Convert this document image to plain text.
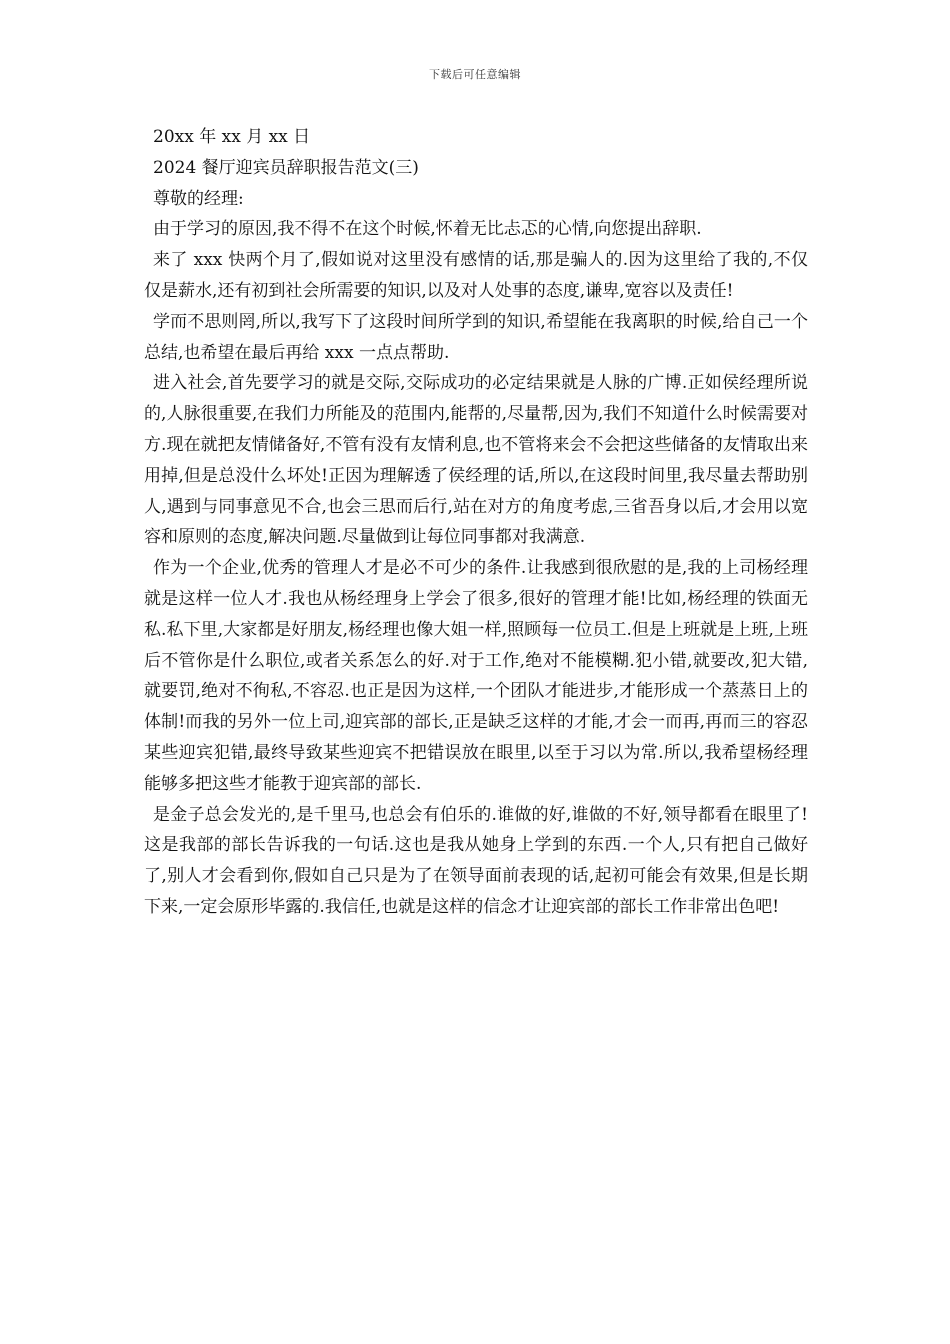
下载后可任意编辑

20xx 年 xx 月 xx 日

2024 餐厅迎宾员辞职报告范文(三)

尊敬的经理:

由于学习的原因,我不得不在这个时候,怀着无比忐忑的心情,向您提出辞职.

来了 xxx 快两个月了,假如说对这里没有感情的话,那是骗人的.因为这里给了我的,不仅仅是薪水,还有初到社会所需要的知识,以及对人处事的态度,谦卑,宽容以及责任!

学而不思则罔,所以,我写下了这段时间所学到的知识,希望能在我离职的时候,给自己一个总结,也希望在最后再给 xxx 一点点帮助.

进入社会,首先要学习的就是交际,交际成功的必定结果就是人脉的广博.正如侯经理所说的,人脉很重要,在我们力所能及的范围内,能帮的,尽量帮,因为,我们不知道什么时候需要对方.现在就把友情储备好,不管有没有友情利息,也不管将来会不会把这些储备的友情取出来用掉,但是总没什么坏处!正因为理解透了侯经理的话,所以,在这段时间里,我尽量去帮助别人,遇到与同事意见不合,也会三思而后行,站在对方的角度考虑,三省吾身以后,才会用以宽容和原则的态度,解决问题.尽量做到让每位同事都对我满意.

作为一个企业,优秀的管理人才是必不可少的条件.让我感到很欣慰的是,我的上司杨经理就是这样一位人才.我也从杨经理身上学会了很多,很好的管理才能!比如,杨经理的铁面无私.私下里,大家都是好朋友,杨经理也像大姐一样,照顾每一位员工.但是上班就是上班,上班后不管你是什么职位,或者关系怎么的好.对于工作,绝对不能模糊.犯小错,就要改,犯大错,就要罚,绝对不徇私,不容忍.也正是因为这样,一个团队才能进步,才能形成一个蒸蒸日上的体制!而我的另外一位上司,迎宾部的部长,正是缺乏这样的才能,才会一而再,再而三的容忍某些迎宾犯错,最终导致某些迎宾不把错误放在眼里,以至于习以为常.所以,我希望杨经理能够多把这些才能教于迎宾部的部长.

是金子总会发光的,是千里马,也总会有伯乐的.谁做的好,谁做的不好,领导都看在眼里了!这是我部的部长告诉我的一句话.这也是我从她身上学到的东西.一个人,只有把自己做好了,别人才会看到你,假如自己只是为了在领导面前表现的话,起初可能会有效果,但是长期下来,一定会原形毕露的.我信任,也就是这样的信念才让迎宾部的部长工作非常出色吧!
